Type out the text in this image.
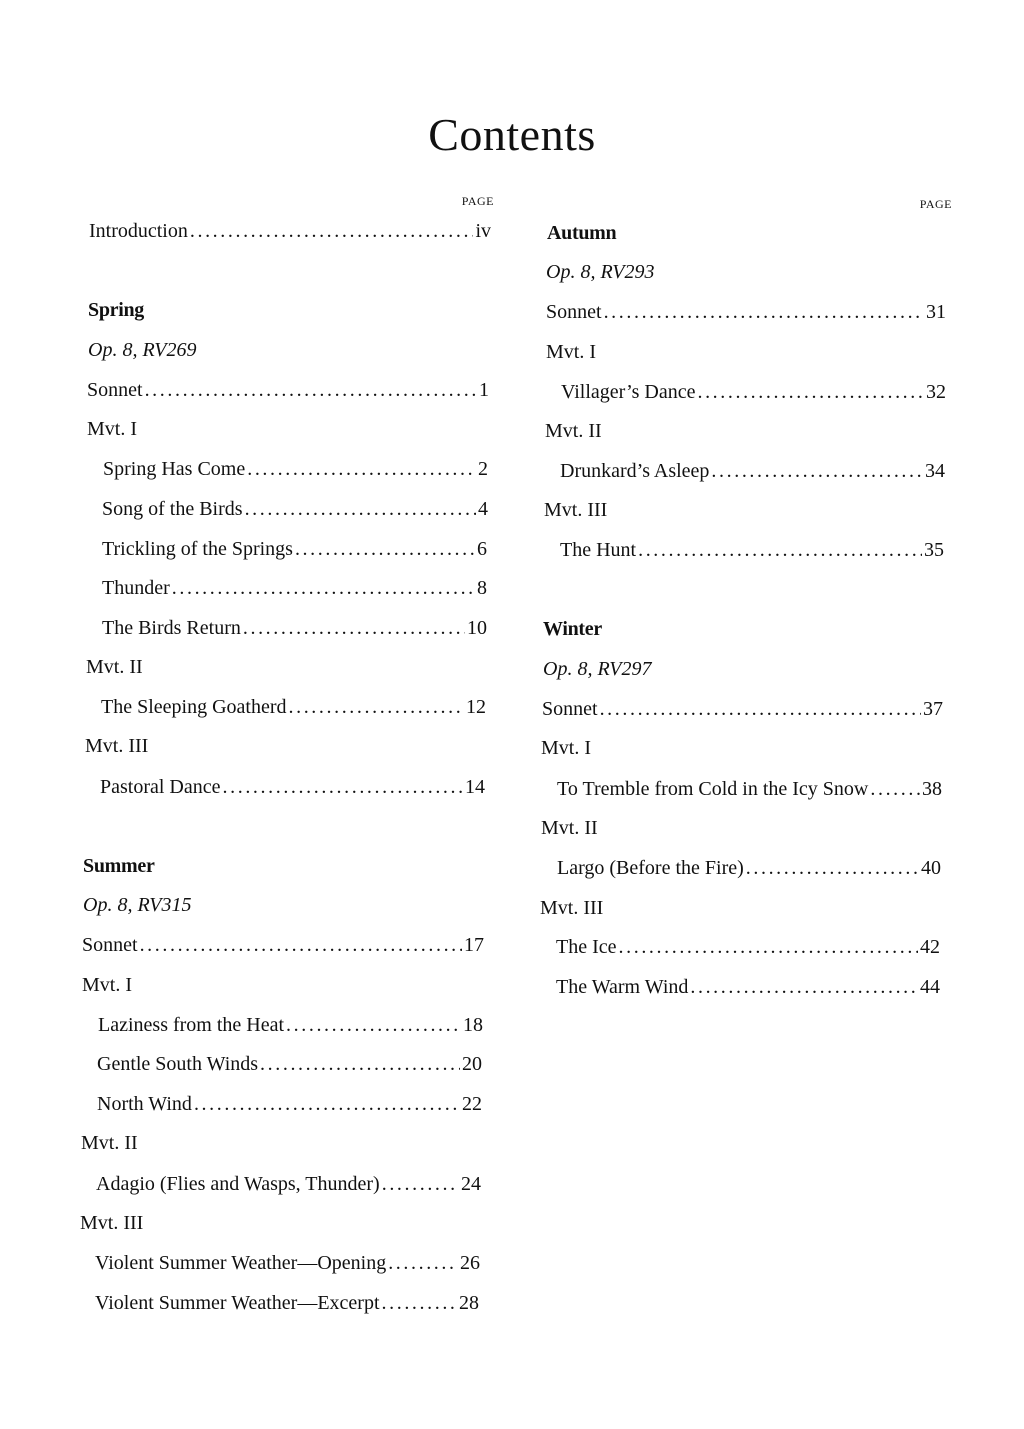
Contents
PAGE
Introduction . . .	iv
Spring
Op. 8, RV269
Sonnet . . .	1
Mvt. I
Spring Has Come . . .	2
Song of the Birds . . .	4
Trickling of the Springs . . .	6
Thunder . . .	8
The Birds Return . . .	10
Mvt. II
The Sleeping Goatherd . . .	12
Mvt. III
Pastoral Dance . . .	14
Summer
Op. 8, RV315
Sonnet . . .	17
Mvt. I
Laziness from the Heat . . .	18
Gentle South Winds . . .	20
North Wind . . .	22
Mvt. II
Adagio (Flies and Wasps, Thunder) . . .	24
Mvt. III
Violent Summer Weather—Opening . . .	26
Violent Summer Weather—Excerpt . . .	28
PAGE
Autumn
Op. 8, RV293
Sonnet . . .	31
Mvt. I
Villager’s Dance . . .	32
Mvt. II
Drunkard’s Asleep . . .	34
Mvt. III
The Hunt . . .	35
Winter
Op. 8, RV297
Sonnet . . .	37
Mvt. I
To Tremble from Cold in the Icy Snow . . .	38
Mvt. II
Largo (Before the Fire) . . .	40
Mvt. III
The Ice . . .	42
The Warm Wind . . .	44
